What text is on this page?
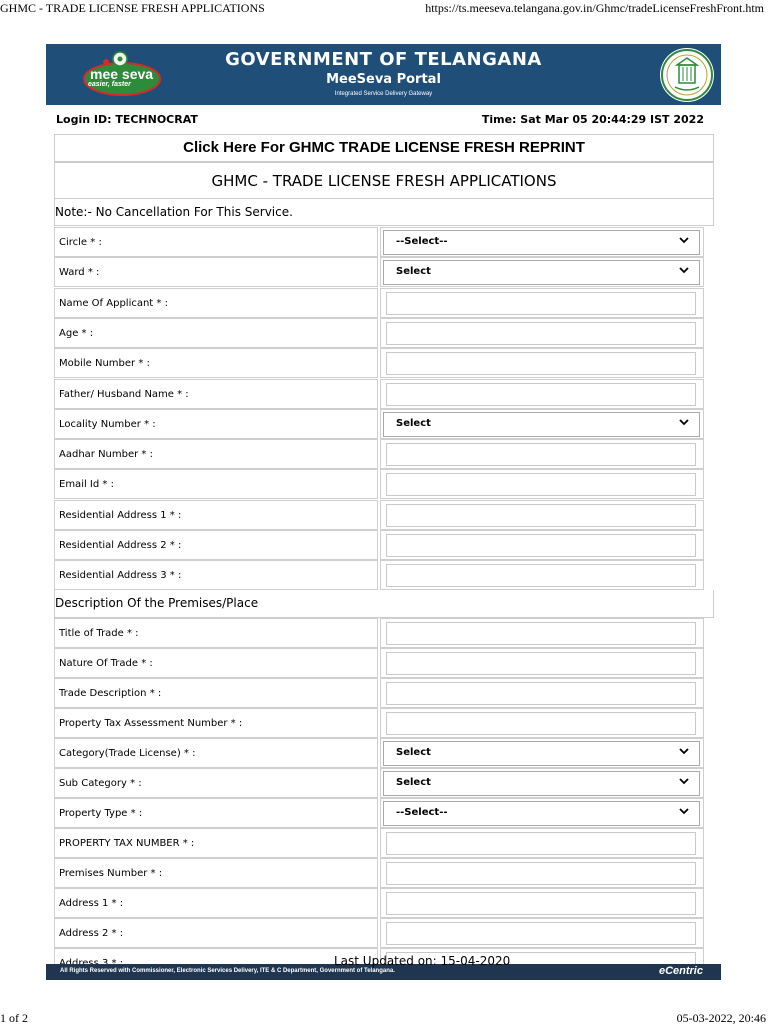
GHMC - TRADE LICENSE FRESH APPLICATIONS	https://ts.meeseva.telangana.gov.in/Ghmc/tradeLicenseFreshFront.htm
mee seva
easier, faster
GOVERNMENT OF TELANGANA
MeeSeva Portal
Integrated Service Delivery Gateway
Login ID: TECHNOCRAT	Time: Sat Mar 05 20:44:29 IST 2022
Click Here For GHMC TRADE LICENSE FRESH REPRINT
GHMC - TRADE LICENSE FRESH APPLICATIONS
Note:- No Cancellation For This Service.
Circle * :	--Select--
Ward * :	Select
Name Of Applicant * :
Age * :
Mobile Number * :
Father/ Husband Name * :
Locality Number * :	Select
Aadhar Number * :
Email Id * :
Residential Address 1 * :
Residential Address 2 * :
Residential Address 3 * :
Description Of the Premises/Place
Title of Trade * :
Nature Of Trade * :
Trade Description * :
Property Tax Assessment Number * :
Category(Trade License) * :	Select
Sub Category * :	Select
Property Type * :	--Select--
PROPERTY TAX NUMBER * :
Premises Number * :
Address 1 * :
Address 2 * :
Last Updated on: 15-04-2020
All Rights Reserved with Commissioner, Electronic Services Delivery, ITE & C Department, Government of Telangana.	eCentric
1 of 2	05-03-2022, 20:46
